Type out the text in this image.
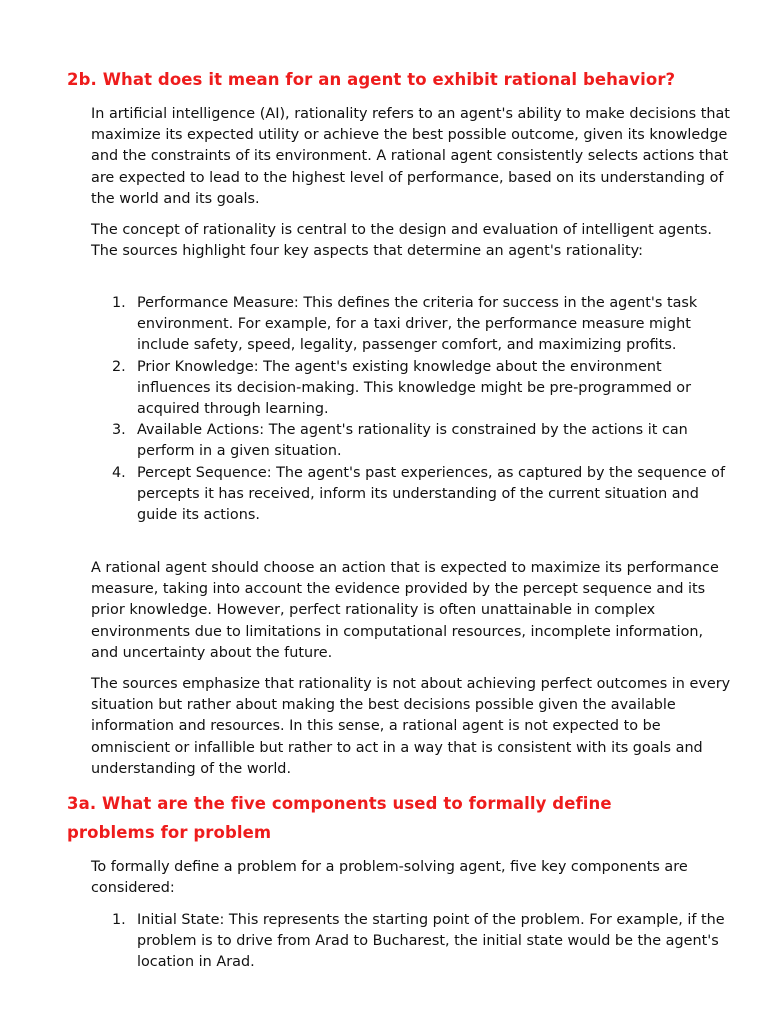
2b. What does it mean for an agent to exhibit rational behavior?

In artificial intelligence (AI), rationality refers to an agent's ability to make decisions that maximize its expected utility or achieve the best possible outcome, given its knowledge and the constraints of its environment. A rational agent consistently selects actions that are expected to lead to the highest level of performance, based on its understanding of the world and its goals.

The concept of rationality is central to the design and evaluation of intelligent agents. The sources highlight four key aspects that determine an agent's rationality:

1. Performance Measure: This defines the criteria for success in the agent's task environment. For example, for a taxi driver, the performance measure might include safety, speed, legality, passenger comfort, and maximizing profits.
2. Prior Knowledge: The agent's existing knowledge about the environment influences its decision-making. This knowledge might be pre-programmed or acquired through learning.
3. Available Actions: The agent's rationality is constrained by the actions it can perform in a given situation.
4. Percept Sequence: The agent's past experiences, as captured by the sequence of percepts it has received, inform its understanding of the current situation and guide its actions.

A rational agent should choose an action that is expected to maximize its performance measure, taking into account the evidence provided by the percept sequence and its prior knowledge. However, perfect rationality is often unattainable in complex environments due to limitations in computational resources, incomplete information, and uncertainty about the future.

The sources emphasize that rationality is not about achieving perfect outcomes in every situation but rather about making the best decisions possible given the available information and resources. In this sense, a rational agent is not expected to be omniscient or infallible but rather to act in a way that is consistent with its goals and understanding of the world.

3a. What are the five components used to formally define
problems for problem

To formally define a problem for a problem-solving agent, five key components are considered:

1. Initial State: This represents the starting point of the problem. For example, if the problem is to drive from Arad to Bucharest, the initial state would be the agent's location in Arad.
